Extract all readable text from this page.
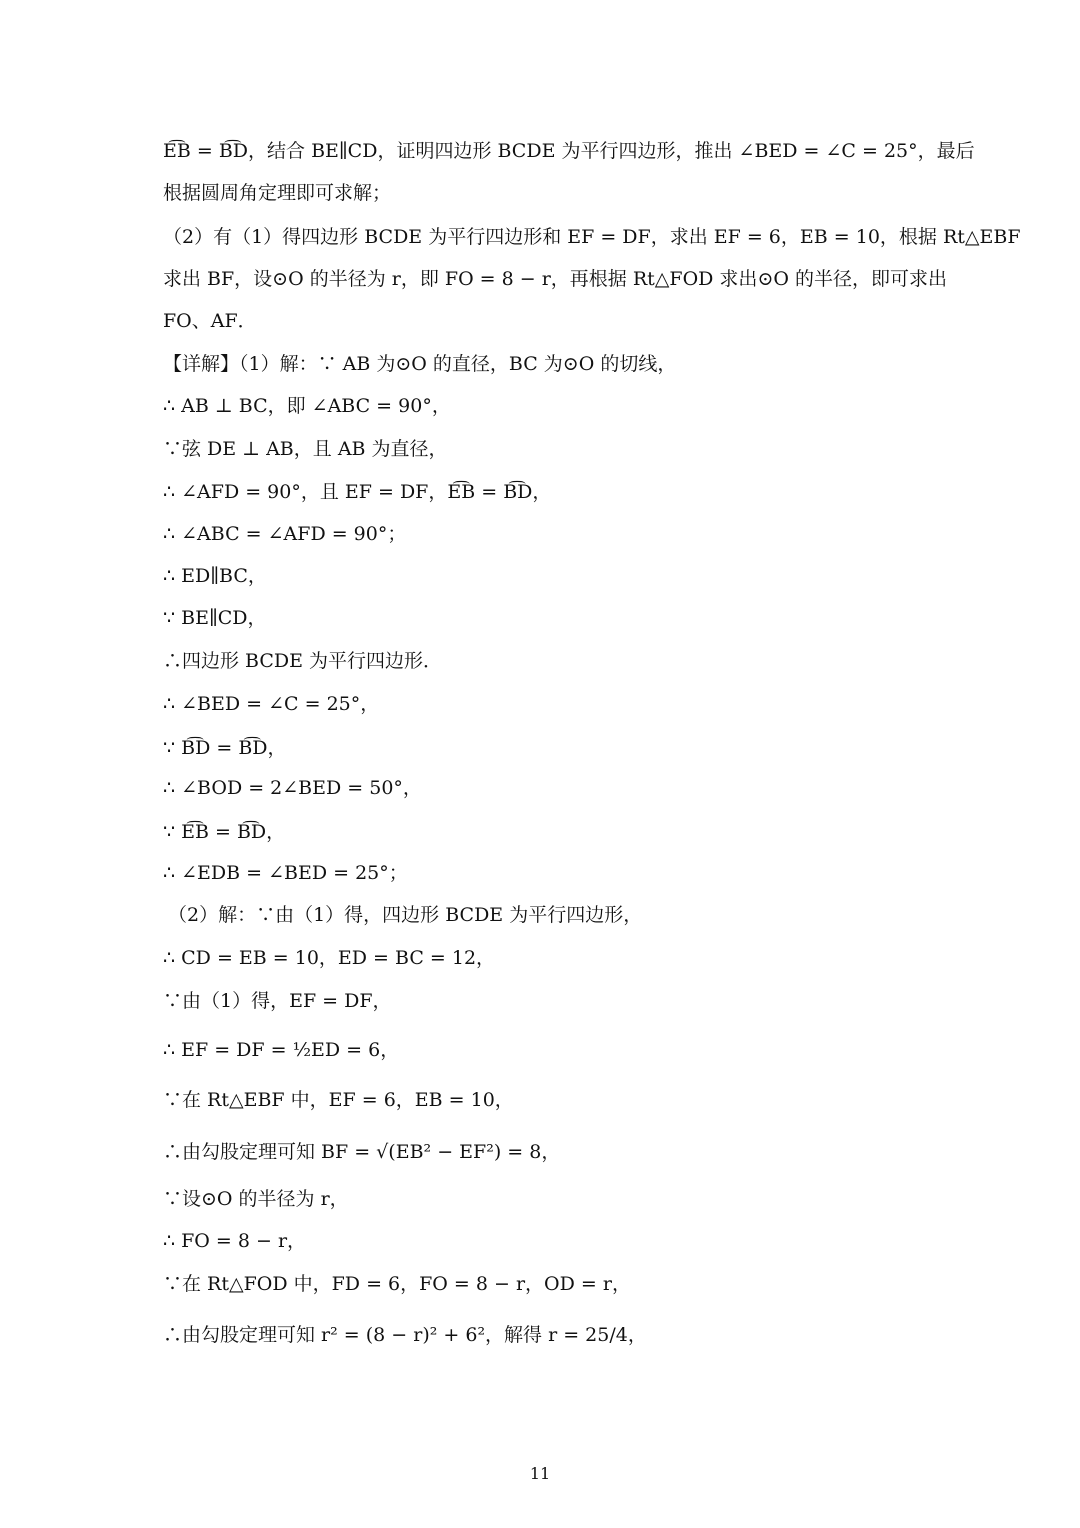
E͡B = B͡D，结合 BE∥CD，证明四边形 BCDE 为平行四边形，推出 ∠BED = ∠C = 25°，最后
根据圆周角定理即可求解；
（2）有（1）得四边形 BCDE 为平行四边形和 EF = DF，求出 EF = 6，EB = 10，根据 Rt△EBF
求出 BF，设⊙O 的半径为 r，即 FO = 8 − r，再根据 Rt△FOD 求出⊙O 的半径，即可求出
FO、AF．
【详解】（1）解：∵ AB 为⊙O 的直径，BC 为⊙O 的切线，
∴ AB ⊥ BC，即 ∠ABC = 90°，
∵弦 DE ⊥ AB，且 AB 为直径，
∴ ∠AFD = 90°，且 EF = DF，E͡B = B͡D，
∴ ∠ABC = ∠AFD = 90°；
∴ ED∥BC，
∵ BE∥CD，
∴四边形 BCDE 为平行四边形．
∴ ∠BED = ∠C = 25°，
∵ B͡D = B͡D，
∴ ∠BOD = 2∠BED = 50°，
∵ E͡B = B͡D，
∴ ∠EDB = ∠BED = 25°；
（2）解：∵由（1）得，四边形 BCDE 为平行四边形，
∴ CD = EB = 10，ED = BC = 12，
∵由（1）得，EF = DF，
∴ EF = DF = ½ED = 6，
∵在 Rt△EBF 中，EF = 6，EB = 10，
∴由勾股定理可知 BF = √(EB² − EF²) = 8，
∵设⊙O 的半径为 r，
∴ FO = 8 − r，
∵在 Rt△FOD 中，FD = 6，FO = 8 − r，OD = r，
∴由勾股定理可知 r² = (8 − r)² + 6²，解得 r = 25/4，
11
